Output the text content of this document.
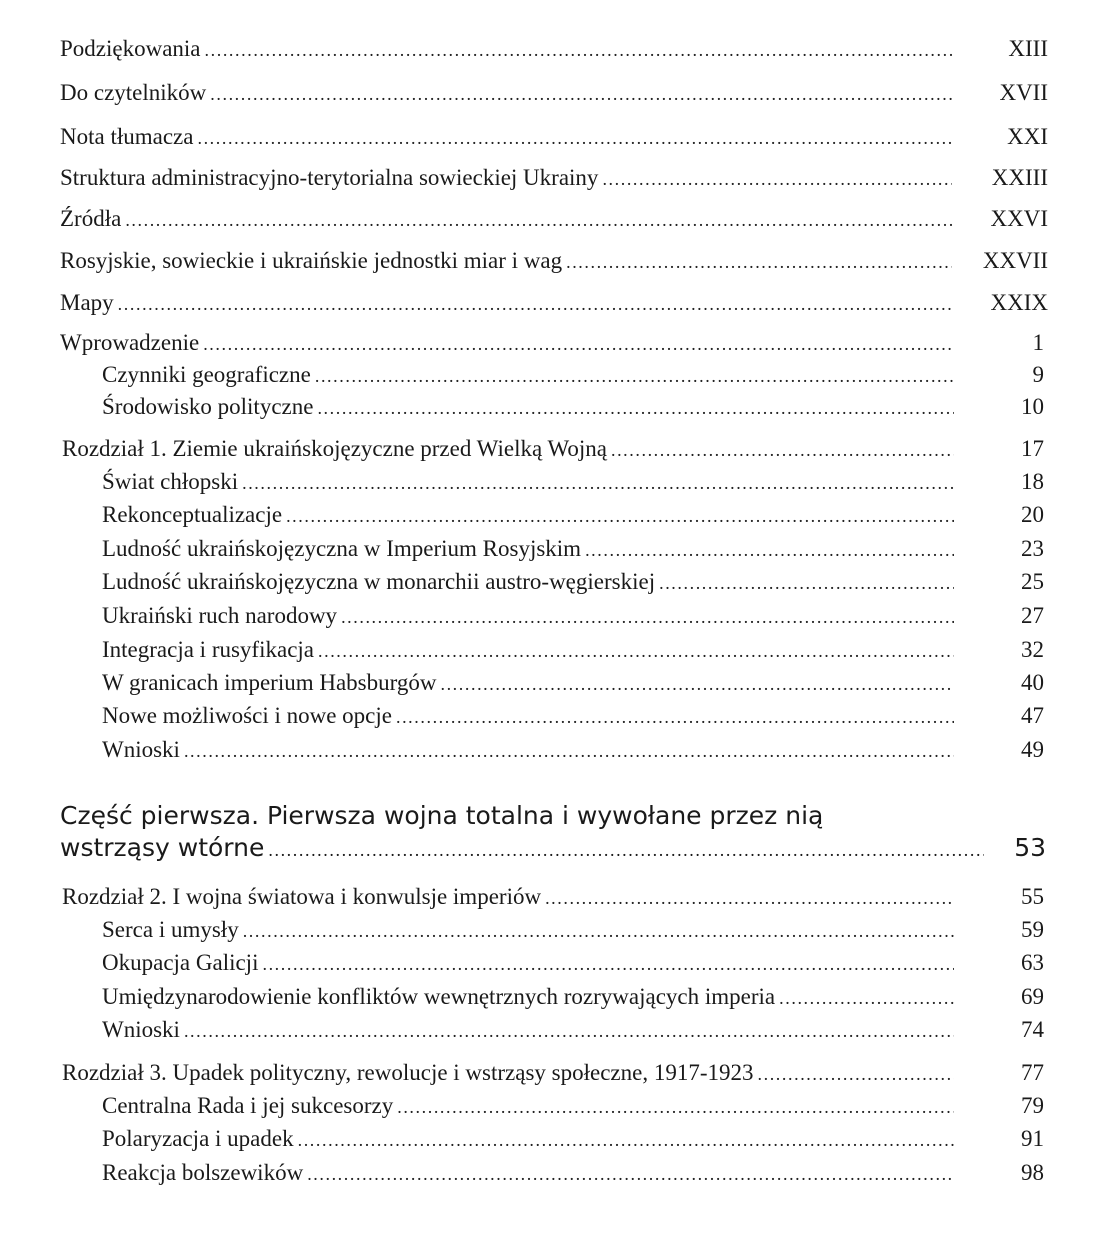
Podziękowania .....	XIII
Do czytelników .....	XVII
Nota tłumacza .....	XXI
Struktura administracyjno-terytorialna sowieckiej Ukrainy .....	XXIII
Źródła .....	XXVI
Rosyjskie, sowieckie i ukraińskie jednostki miar i wag .....	XXVII
Mapy .....	XXIX
Wprowadzenie .....	1
Czynniki geograficzne .....	9
Środowisko polityczne .....	10
Rozdział 1. Ziemie ukraińskojęzyczne przed Wielką Wojną .....	17
Świat chłopski .....	18
Rekonceptualizacje .....	20
Ludność ukraińskojęzyczna w Imperium Rosyjskim .....	23
Ludność ukraińskojęzyczna w monarchii austro-węgierskiej .....	25
Ukraiński ruch narodowy .....	27
Integracja i rusyfikacja .....	32
W granicach imperium Habsburgów .....	40
Nowe możliwości i nowe opcje .....	47
Wnioski .....	49
Część pierwsza. Pierwsza wojna totalna i wywołane przez nią
wstrząsy wtórne .....	53
Rozdział 2. I wojna światowa i konwulsje imperiów .....	55
Serca i umysły .....	59
Okupacja Galicji .....	63
Umiędzynarodowienie konfliktów wewnętrznych rozrywających imperia .....	69
Wnioski .....	74
Rozdział 3. Upadek polityczny, rewolucje i wstrząsy społeczne, 1917-1923 .....	77
Centralna Rada i jej sukcesorzy .....	79
Polaryzacja i upadek .....	91
Reakcja bolszewików .....	98
